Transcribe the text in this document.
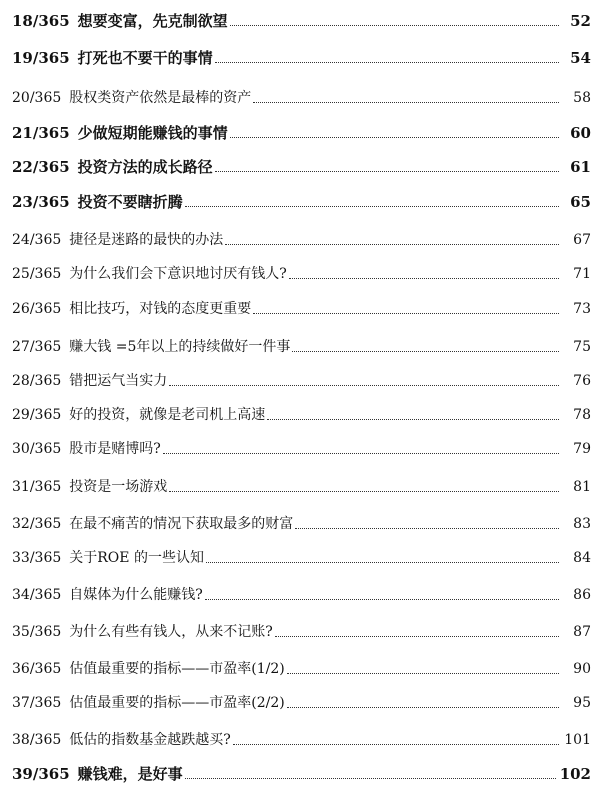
18/365 想要变富，先克制欲望	52
19/365 打死也不要干的事情	54
20/365 股权类资产依然是最棒的资产	58
21/365 少做短期能赚钱的事情	60
22/365 投资方法的成长路径	61
23/365 投资不要瞎折腾	65
24/365 捷径是迷路的最快的办法	67
25/365 为什么我们会下意识地讨厌有钱人?	71
26/365 相比技巧，对钱的态度更重要	73
27/365 赚大钱 =5年以上的持续做好一件事	75
28/365 错把运气当实力	76
29/365 好的投资，就像是老司机上高速	78
30/365 股市是赌博吗?	79
31/365 投资是一场游戏	81
32/365 在最不痛苦的情况下获取最多的财富	83
33/365 关于ROE 的一些认知	84
34/365 自媒体为什么能赚钱?	86
35/365 为什么有些有钱人，从来不记账?	87
36/365 估值最重要的指标——市盈率(1/2)	90
37/365 估值最重要的指标——市盈率(2/2)	95
38/365 低估的指数基金越跌越买?	101
39/365 赚钱难，是好事	102
